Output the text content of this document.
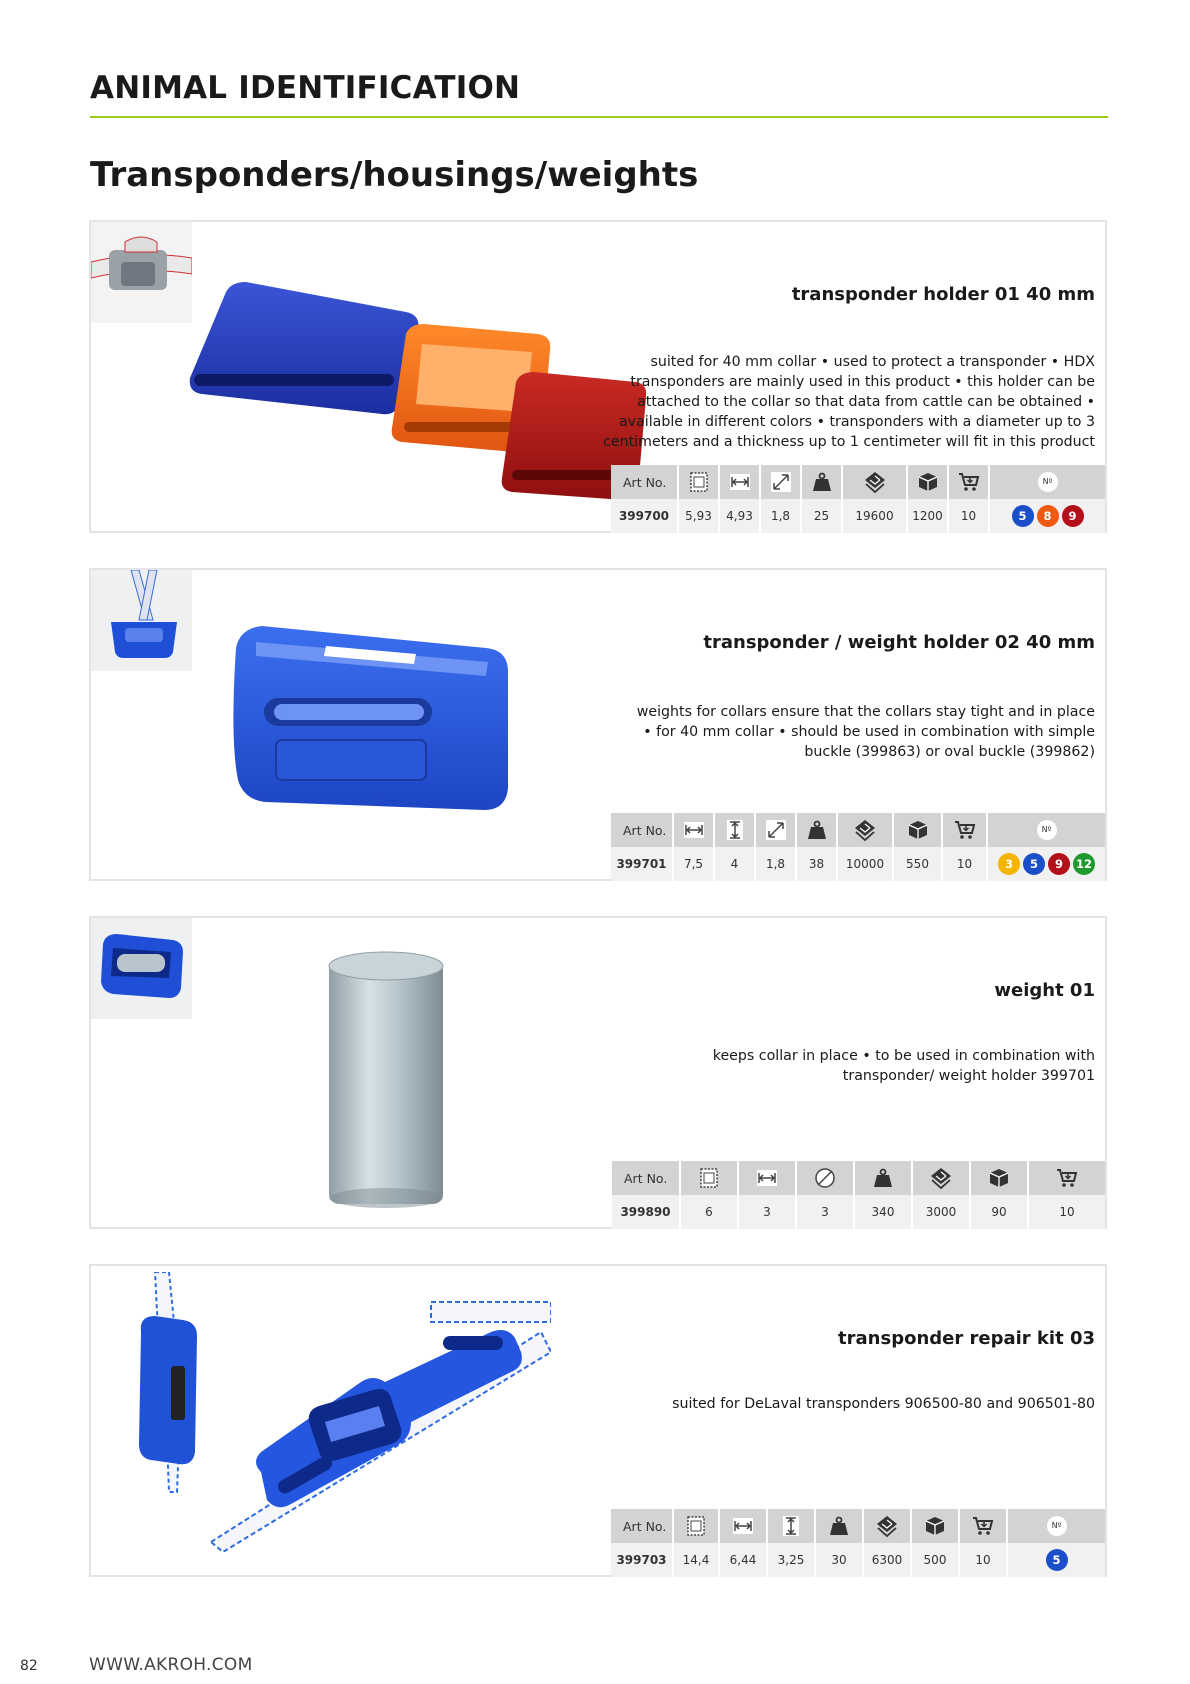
ANIMAL IDENTIFICATION
Transponders/housings/weights
transponder holder 01 40 mm

suited for 40 mm collar • used to protect a transponder • HDX transponders are mainly used in this product • this holder can be attached to the collar so that data from cattle can be obtained • available in different colors • transponders with a diameter up to 3 centimeters and a thickness up to 1 centimeter will fit in this product

Art No.								Nº
399700	5,93	4,93	1,8	25	19600	1200	10	5 8 9
transponder / weight holder 02 40 mm

weights for collars ensure that the collars stay tight and in place • for 40 mm collar • should be used in combination with simple buckle (399863) or oval buckle (399862)

Art No.								Nº
399701	7,5	4	1,8	38	10000	550	10	3 5 9 12
weight 01

keeps collar in place • to be used in combination with transponder/ weight holder 399701

Art No.							
399890	6	3	3	340	3000	90	10
transponder repair kit 03

suited for DeLaval transponders 906500-80 and 906501-80

Art No.								Nº
399703	14,4	6,44	3,25	30	6300	500	10	5

82	WWW.AKROH.COM
